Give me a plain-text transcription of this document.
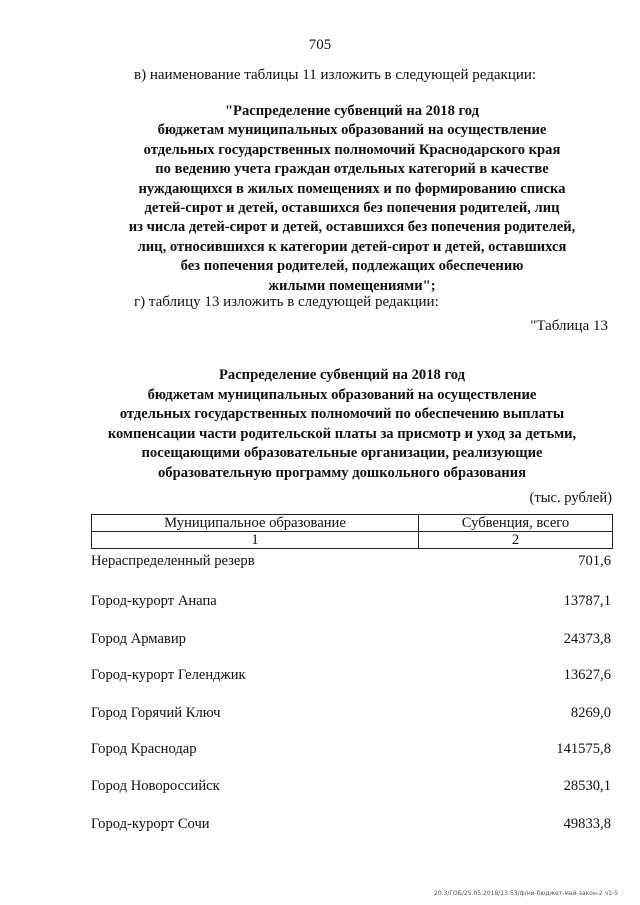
705
в) наименование таблицы 11 изложить в следующей редакции:
"Распределение субвенций на 2018 год
бюджетам муниципальных образований на осуществление
отдельных государственных полномочий Краснодарского края
по ведению учета граждан отдельных категорий в качестве
нуждающихся в жилых помещениях и по формированию списка
детей-сирот и детей, оставшихся без попечения родителей, лиц
из числа детей-сирот и детей, оставшихся без попечения родителей,
лиц, относившихся к категории детей-сирот и детей, оставшихся
без попечения родителей, подлежащих обеспечению
жилыми помещениями";
г) таблицу 13 изложить в следующей редакции:
"Таблица 13
Распределение субвенций на 2018 год
бюджетам муниципальных образований на осуществление
отдельных государственных полномочий по обеспечению выплаты
компенсации части родительской платы за присмотр и уход за детьми,
посещающими образовательные организации, реализующие
образовательную программу дошкольного образования
(тыс. рублей)
Муниципальное образование	Субвенция, всего
1	2
Нераспределенный резерв	701,6
Город-курорт Анапа	13787,1
Город Армавир	24373,8
Город-курорт Геленджик	13627,6
Город Горячий Ключ	8269,0
Город Краснодар	141575,8
Город Новороссийск	28530,1
Город-курорт Сочи	49833,8
20.3/ГОБ/25.05.2018/13:53/ф/ни-бюджет-май-закон-2 ч1-5
